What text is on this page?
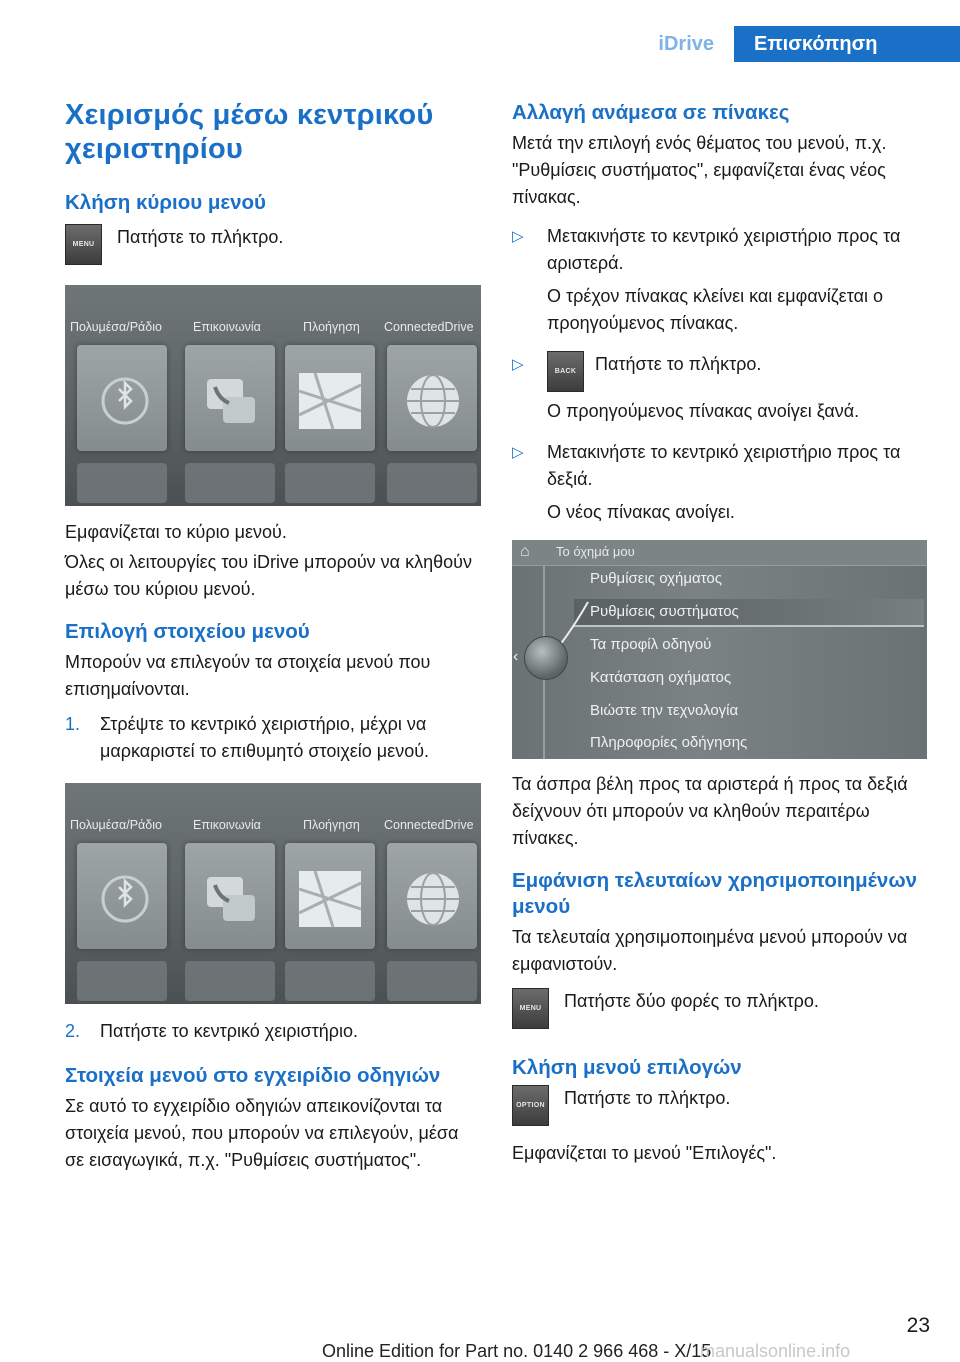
iDrive	Επισκόπηση
Χειρισμός μέσω κεντρικού χειριστηρίου
Κλήση κύριου μενού
MENU	Πατήστε το πλήκτρο.
Πολυμέσα/Ράδιο Επικοινωνία	Πλοήγηση ConnectedDrive

Εμφανίζεται το κύριο μενού.

Όλες οι λειτουργίες του iDrive μπορούν να κληθούν μέσω του κύριου μενού.

Επιλογή στοιχείου μενού

Μπορούν να επιλεγούν τα στοιχεία μενού που επισημαίνονται.

1.	Στρέψτε το κεντρικό χειριστήριο, μέχρι να μαρκαριστεί το επιθυμητό στοιχείο μενού.
Πολυμέσα/Ράδιο Επικοινωνία	Πλοήγηση ConnectedDrive
2.	Πατήστε το κεντρικό χειριστήριο.
Στοιχεία μενού στο εγχειρίδιο οδηγιών

Σε αυτό το εγχειρίδιο οδηγιών απεικονίζονται τα στοιχεία μενού, που μπορούν να επιλεγούν, μέσα σε εισαγωγικά, π.χ. "Ρυθμίσεις συστήματος".

Αλλαγή ανάμεσα σε πίνακες

Μετά την επιλογή ενός θέματος του μενού, π.χ. "Ρυθμίσεις συστήματος", εμφανίζεται ένας νέος πίνακας.

▷	Μετακινήστε το κεντρικό χειριστήριο προς τα αριστερά.

Ο τρέχον πίνακας κλείνει και εμφανίζεται ο προηγούμενος πίνακας.

▷	BACK	Πατήστε το πλήκτρο.

Ο προηγούμενος πίνακας ανοίγει ξανά.

▷	Μετακινήστε το κεντρικό χειριστήριο προς τα δεξιά.

Ο νέος πίνακας ανοίγει.

⌂ Το όχημά μου
‹
Ρυθμίσεις οχήματος
Ρυθμίσεις συστήματος
Τα προφίλ οδηγού
Κατάσταση οχήματος
Βιώστε την τεχνολογία
Πληροφορίες οδήγησης

Τα άσπρα βέλη προς τα αριστερά ή προς τα δεξιά δείχνουν ότι μπορούν να κληθούν περαιτέρω πίνακες.

Εμφάνιση τελευταίων χρησιμοποιημένων μενού

Τα τελευταία χρησιμοποιημένα μενού μπορούν να εμφανιστούν.

MENU	Πατήστε δύο φορές το πλήκτρο.
Κλήση μενού επιλογών
OPTION Πατήστε το πλήκτρο.

Εμφανίζεται το μενού "Επιλογές".

23
Online Edition for Part no. 0140 2 966 468 - X/15
manualsonline.info
